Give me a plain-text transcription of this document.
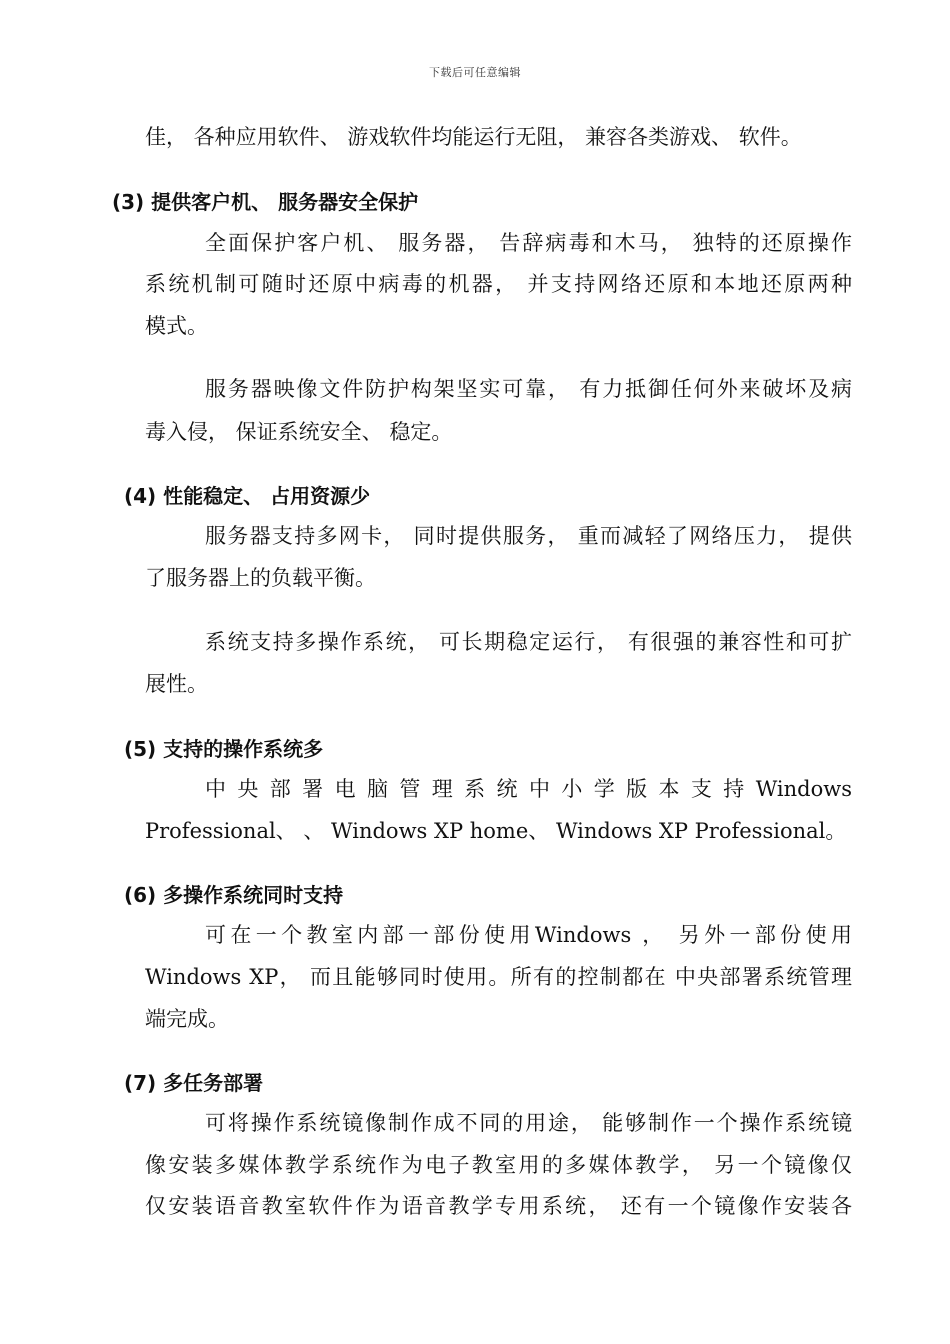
下载后可任意编辑
佳， 各种应用软件、 游戏软件均能运行无阻， 兼容各类游戏、 软件。
(3) 提供客户机、 服务器安全保护
全面保护客户机、 服务器， 告辞病毒和木马， 独特的还原操作
系统机制可随时还原中病毒的机器， 并支持网络还原和本地还原两种
模式。
服务器映像文件防护构架坚实可靠， 有力抵御任何外来破坏及病
毒入侵， 保证系统安全、 稳定。
(4) 性能稳定、 占用资源少
服务器支持多网卡， 同时提供服务， 重而减轻了网络压力， 提供
了服务器上的负载平衡。
系统支持多操作系统， 可长期稳定运行， 有很强的兼容性和可扩
展性。
(5) 支持的操作系统多
中 央 部 署 电 脑 管 理 系 统 中 小 学 版 本 支 持 Windows
Professional、 、 Windows XP home、 Windows XP Professional。
(6) 多操作系统同时支持
可在一个教室内部一部份使用Windows ， 另外一部份使用
Windows XP， 而且能够同时使用。所有的控制都在 中央部署系统管理
端完成。
(7) 多任务部署
可将操作系统镜像制作成不同的用途， 能够制作一个操作系统镜
像安装多媒体教学系统作为电子教室用的多媒体教学， 另一个镜像仅
仅安装语音教室软件作为语音教学专用系统， 还有一个镜像作安装各
